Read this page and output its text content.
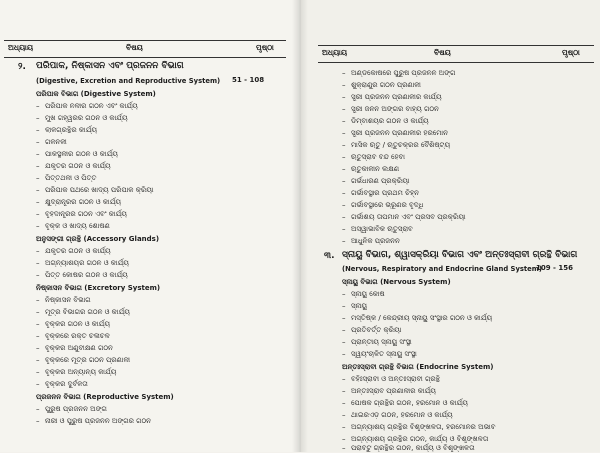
ଅଧ୍ୟାୟ	ବିଷୟ	ପୃଷ୍ଠା
୨. ପରିପାକ, ନିଷ୍କାସନ ଏବଂ ପ୍ରଜନନ ବିଭାଗ
(Digestive, Excretion and Reproductive System) 51 - 108
ପରିପାକ ବିଭାଗ (Digestive System)
– ପରିପାକ ନଳୀର ଗଠନ ଏବଂ କାର୍ଯ୍ୟ
– ମୁଖ ଗହ୍ୱରର ଗଠନ ଓ କାର୍ଯ୍ୟ
– ଲାଳଗ୍ରନ୍ଥିର କାର୍ଯ୍ୟ
– ଗଳନଳୀ
– ପାକସ୍ଥଳୀର ଗଠନ ଓ କାର୍ଯ୍ୟ
– ଯକୃତର ଗଠନ ଓ କାର୍ଯ୍ୟ
– ପିତ୍ତଥଳୀ ଓ ପିତ୍ତ
– ପରିପାକ ପଥରେ ଖାଦ୍ୟ ପରିପାକ କ୍ରିୟା
– କ୍ଷୁଦ୍ରାନ୍ତ୍ରର ଗଠନ ଓ କାର୍ଯ୍ୟ
– ବୃହଦାନ୍ତ୍ରର ଗଠନ ଏବଂ କାର୍ଯ୍ୟ
– ବୃକ୍କ ଓ ଖାଦ୍ୟ ଶୋଷଣ
ଅନୁସଙ୍ଗୀ ଗ୍ରନ୍ଥି (Accessory Glands)
– ଯକୃତର ଗଠନ ଓ କାର୍ଯ୍ୟ
– ଅଗ୍ନ୍ୟାଶୟର ଗଠନ ଓ କାର୍ଯ୍ୟ
– ପିତ୍ତ କୋଷର ଗଠନ ଓ କାର୍ଯ୍ୟ
ନିଷ୍କାସନ ବିଭାଗ (Excretory System)
– ନିଷ୍କାସନ ବିଭାଗ
– ମୂତ୍ର ବିଭାଗର ଗଠନ ଓ କାର୍ଯ୍ୟ
– ବୃକ୍କର ଗଠନ ଓ କାର୍ଯ୍ୟ
– ବୃକ୍କରେ ରକ୍ତ ଚଳାଚଳ
– ବୃକ୍କର ଅଣୁବୀକ୍ଷଣ ଗଠନ
– ବୃକ୍କରେ ମୂତ୍ର ଗଠନ ପ୍ରଣାଳୀ
– ବୃକ୍କର ଅନ୍ୟାନ୍ୟ କାର୍ଯ୍ୟ
– ବୃକ୍କର ଦୁର୍ବଳତା
ପ୍ରଜନନ ବିଭାଗ (Reproductive System)
– ପୁରୁଷ ପ୍ରଜନନ ଅଙ୍ଗ
– ନାରୀ ଓ ପୁରୁଷ ପ୍ରଜନନ ଅଙ୍ଗର ଗଠନ
ଅଧ୍ୟାୟ	ବିଷୟ	ପୃଷ୍ଠା
– ଅଣ୍ଡକୋଷରେ ପୁରୁଷ ପ୍ରଜନନ ଅଙ୍ଗ
– ଶୁକ୍ରାଣୁର ଗଠନ ପ୍ରଣାଳୀ
– ସ୍ତ୍ରୀ ପ୍ରଜନନ ପ୍ରଣାଳୀର କାର୍ଯ୍ୟ
– ସ୍ତ୍ରୀ ଜନନ ଅଙ୍ଗର ବାହ୍ୟ ଗଠନ
– ଡିମ୍ବାଶୟର ଗଠନ ଓ କାର୍ଯ୍ୟ
– ସ୍ତ୍ରୀ ପ୍ରଜନନ ପ୍ରଣାଳୀର ହରମୋନ
– ମାସିକ ଋତୁ / ଋତୁଚକ୍ରର ବୈଶିଷ୍ଟ୍ୟ
– ଋତୁସ୍ରାବ ବନ୍ଦ ହେବା
– ଋତୁକାଳୀନ ଲକ୍ଷଣ
– ଗର୍ଭଧାରଣ ପ୍ରକ୍ରିୟା
– ଗର୍ଭାବସ୍ଥାର ପ୍ରଥମ ଚିହ୍ନ
– ଗର୍ଭାବସ୍ଥାରେ ଭ୍ରୂଣର ବୃଦ୍ଧି
– ଗର୍ଭାଶୟ ତାପମାନ ଏବଂ ପ୍ରସବ ପ୍ରକ୍ରିୟା
– ଅସ୍ୱାଭାବିକ ଋତୁସ୍ରାବ
– ଆଧୁନିକ ପ୍ରଜନନ
୩. ସ୍ନାୟୁ ବିଭାଗ, ଶ୍ୱାସକ୍ରିୟା ବିଭାଗ ଏବଂ ଅନ୍ତଃସ୍ରାବୀ ଗ୍ରନ୍ଥି ବିଭାଗ
(Nervous, Respiratory and Endocrine Gland System)
109 - 156
ସ୍ନାୟୁ ବିଭାଗ (Nervous System)
– ସ୍ନାୟୁ କୋଷ
– ସ୍ନାୟୁ
– ମସ୍ତିଷ୍କ / କେନ୍ଦ୍ରୀୟ ସ୍ନାୟୁ ସଂସ୍ଥାର ଗଠନ ଓ କାର୍ଯ୍ୟ
– ପ୍ରତିବର୍ତ୍ତ କ୍ରିୟା
– ପ୍ରାନ୍ତୀୟ ସ୍ନାୟୁ ସଂସ୍ଥା
– ସ୍ୱୟଂଚାଳିତ ସ୍ନାୟୁ ସଂସ୍ଥା
ଅନ୍ତଃସ୍ରାବୀ ଗ୍ରନ୍ଥି ବିଭାଗ (Endocrine System)
– ବହିଃସ୍ରାବୀ ଓ ଅନ୍ତଃସ୍ରାବୀ ଗ୍ରନ୍ଥି
– ଅନ୍ତଃସ୍ରାବ ପ୍ରଣାଳୀର କାର୍ଯ୍ୟ
– ପୋଷକ ଗ୍ରନ୍ଥିର ଗଠନ, ହରମୋନ ଓ କାର୍ଯ୍ୟ
– ଥାଇରଏଡ଼ ଗଠନ, ହରମୋନ ଓ କାର୍ଯ୍ୟ
– ଅଗ୍ନ୍ୟାଶୟ ଗ୍ରନ୍ଥିର ବିଶୃଙ୍ଖଳତା, ହରମୋନର ଅଭାବ
– ଅଗ୍ନ୍ୟାଶୟ ଗ୍ରନ୍ଥିର ଗଠନ, କାର୍ଯ୍ୟ ଓ ବିଶୃଙ୍ଖଳତା
– ପରାବଟୁ ଗ୍ରନ୍ଥିର ଗଠନ, କାର୍ଯ୍ୟ ଓ ବିଶୃଙ୍ଖଳତା
